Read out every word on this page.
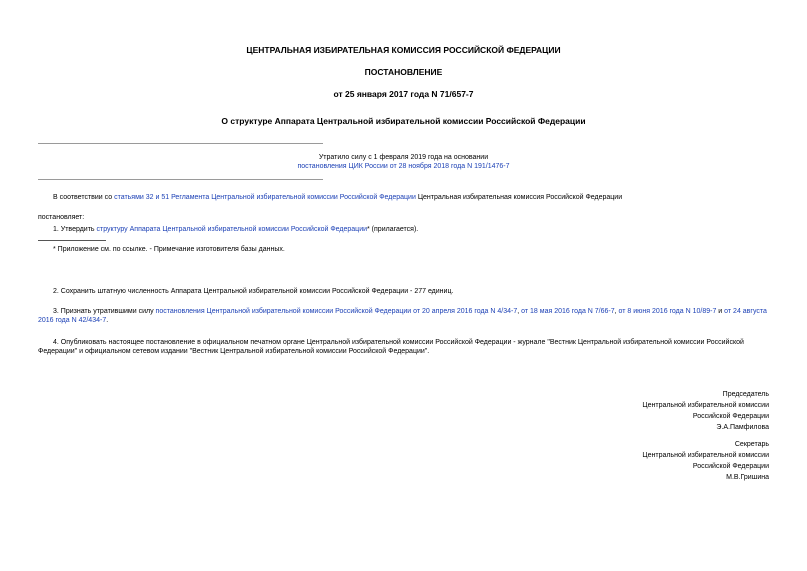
ЦЕНТРАЛЬНАЯ ИЗБИРАТЕЛЬНАЯ КОМИССИЯ РОССИЙСКОЙ ФЕДЕРАЦИИ
ПОСТАНОВЛЕНИЕ
от 25 января 2017 года N 71/657-7
О структуре Аппарата Центральной избирательной комиссии Российской Федерации
Утратило силу с 1 февраля 2019 года на основании
постановления ЦИК России от 28 ноября 2018 года N 191/1476-7
В соответствии со статьями 32 и 51 Регламента Центральной избирательной комиссии Российской Федерации Центральная избирательная комиссия Российской Федерации
постановляет:
1. Утвердить структуру Аппарата Центральной избирательной комиссии Российской Федерации* (прилагается).
* Приложение см. по ссылке. - Примечание изготовителя базы данных.
2. Сохранить штатную численность Аппарата Центральной избирательной комиссии Российской Федерации - 277 единиц.
3. Признать утратившими силу постановления Центральной избирательной комиссии Российской Федерации от 20 апреля 2016 года N 4/34-7, от 18 мая 2016 года N 7/66-7, от 8 июня 2016 года N 10/89-7 и от 24 августа 2016 года N 42/434-7.
4. Опубликовать настоящее постановление в официальном печатном органе Центральной избирательной комиссии Российской Федерации - журнале "Вестник Центральной избирательной комиссии Российской Федерации" и официальном сетевом издании "Вестник Центральной избирательной комиссии Российской Федерации".
Председатель
Центральной избирательной комиссии
Российской Федерации
Э.А.Памфилова
Секретарь
Центральной избирательной комиссии
Российской Федерации
М.В.Гришина
